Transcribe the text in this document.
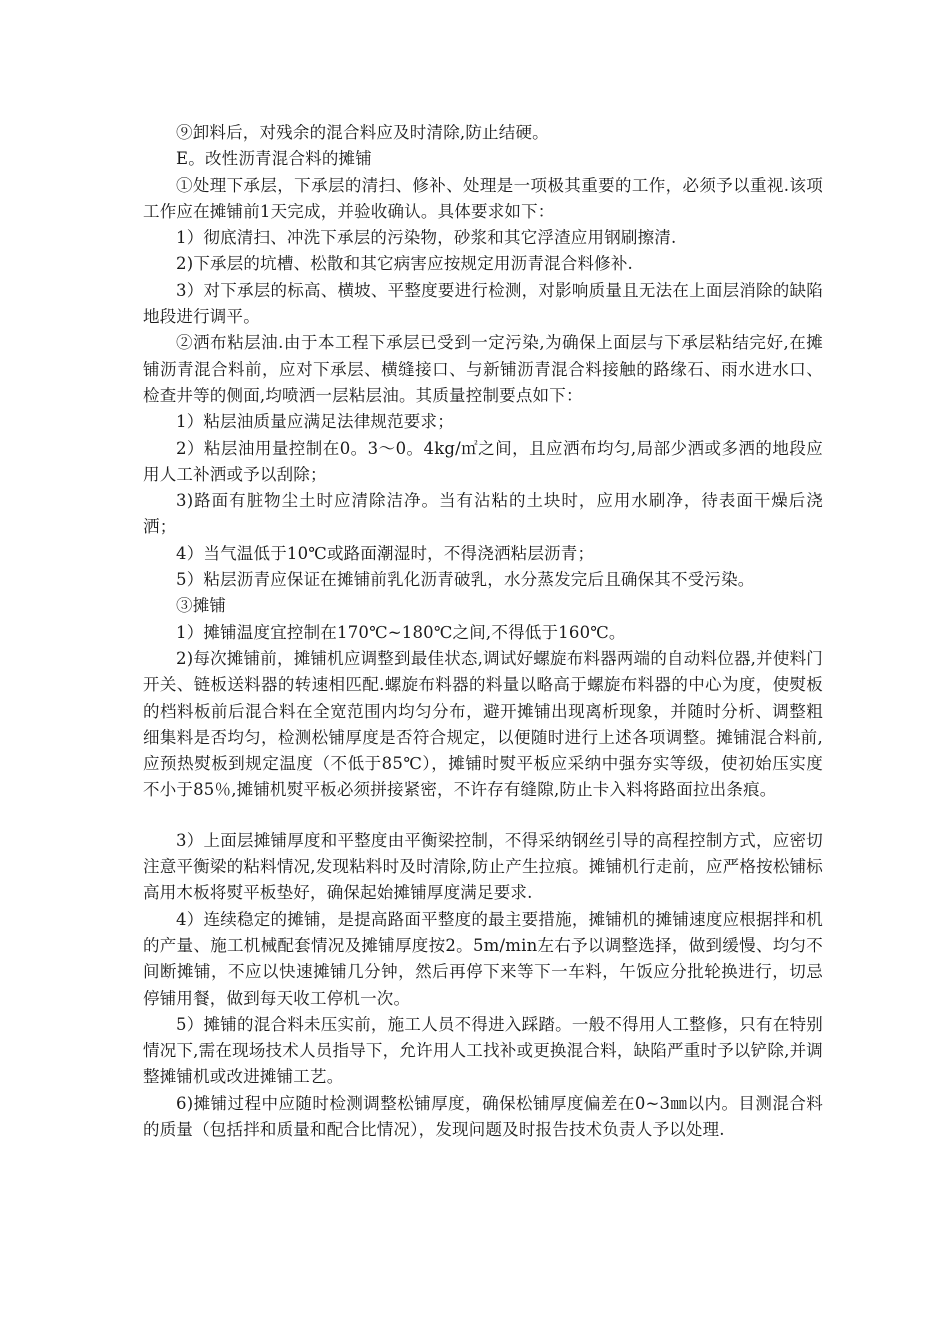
⑨卸料后，对残余的混合料应及时清除,防止结硬。

E。改性沥青混合料的摊铺

①处理下承层，下承层的清扫、修补、处理是一项极其重要的工作，必须予以重视.该项工作应在摊铺前1天完成，并验收确认。具体要求如下：

1）彻底清扫、冲洗下承层的污染物，砂浆和其它浮渣应用钢刷擦清.

2)下承层的坑槽、松散和其它病害应按规定用沥青混合料修补.

3）对下承层的标高、横坡、平整度要进行检测，对影响质量且无法在上面层消除的缺陷地段进行调平。

②洒布粘层油.由于本工程下承层已受到一定污染,为确保上面层与下承层粘结完好,在摊铺沥青混合料前，应对下承层、横缝接口、与新铺沥青混合料接触的路缘石、雨水进水口、检查井等的侧面,均喷洒一层粘层油。其质量控制要点如下：

1）粘层油质量应满足法律规范要求；

2）粘层油用量控制在0。3～0。4kg/㎡之间，且应洒布均匀,局部少洒或多洒的地段应用人工补洒或予以刮除；

3)路面有脏物尘土时应清除洁净。当有沾粘的土块时，应用水刷净，待表面干燥后浇洒；

4）当气温低于10℃或路面潮湿时，不得浇洒粘层沥青；

5）粘层沥青应保证在摊铺前乳化沥青破乳，水分蒸发完后且确保其不受污染。

③摊铺

1）摊铺温度宜控制在170℃~180℃之间,不得低于160℃。

2)每次摊铺前，摊铺机应调整到最佳状态,调试好螺旋布料器两端的自动料位器,并使料门开关、链板送料器的转速相匹配.螺旋布料器的料量以略高于螺旋布料器的中心为度，使熨板的档料板前后混合料在全宽范围内均匀分布，避开摊铺出现离析现象，并随时分析、调整粗细集料是否均匀，检测松铺厚度是否符合规定，以便随时进行上述各项调整。摊铺混合料前,应预热熨板到规定温度（不低于85℃），摊铺时熨平板应采纳中强夯实等级，使初始压实度不小于85％,摊铺机熨平板必须拼接紧密，不许存有缝隙,防止卡入料将路面拉出条痕。

3）上面层摊铺厚度和平整度由平衡梁控制，不得采纳钢丝引导的高程控制方式，应密切注意平衡梁的粘料情况,发现粘料时及时清除,防止产生拉痕。摊铺机行走前，应严格按松铺标高用木板将熨平板垫好，确保起始摊铺厚度满足要求.

4）连续稳定的摊铺，是提高路面平整度的最主要措施，摊铺机的摊铺速度应根据拌和机的产量、施工机械配套情况及摊铺厚度按2。5m/min左右予以调整选择，做到缓慢、均匀不间断摊铺，不应以快速摊铺几分钟，然后再停下来等下一车料，午饭应分批轮换进行，切忌停铺用餐，做到每天收工停机一次。

5）摊铺的混合料未压实前，施工人员不得进入踩踏。一般不得用人工整修，只有在特别情况下,需在现场技术人员指导下，允许用人工找补或更换混合料，缺陷严重时予以铲除,并调整摊铺机或改进摊铺工艺。

6)摊铺过程中应随时检测调整松铺厚度，确保松铺厚度偏差在0~3㎜以内。目测混合料的质量（包括拌和质量和配合比情况），发现问题及时报告技术负责人予以处理.
